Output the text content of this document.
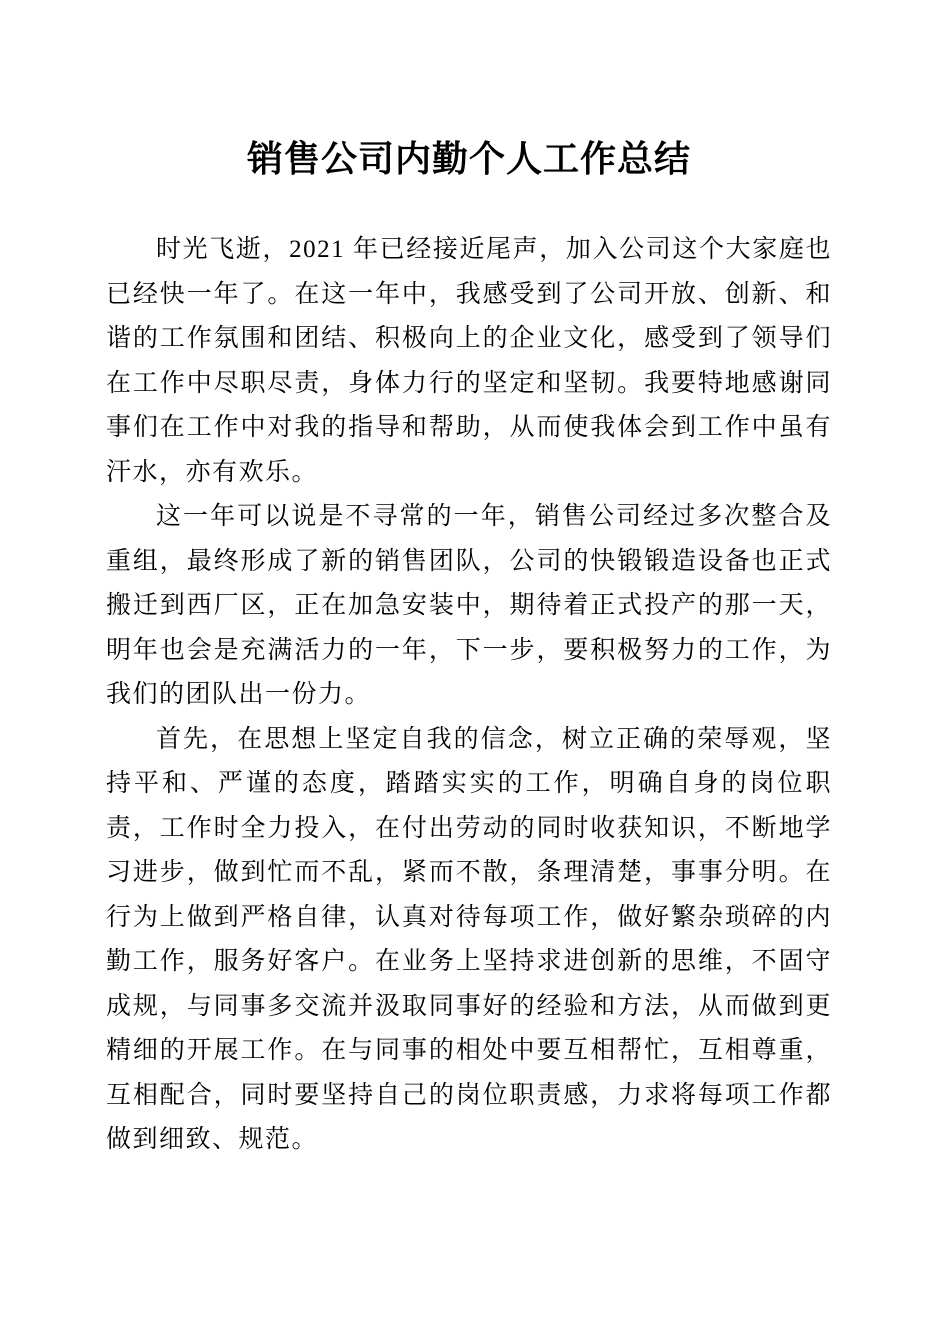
销售公司内勤个人工作总结

时光飞逝，2021 年已经接近尾声，加入公司这个大家庭也已经快一年了。在这一年中，我感受到了公司开放、创新、和谐的工作氛围和团结、积极向上的企业文化，感受到了领导们在工作中尽职尽责，身体力行的坚定和坚韧。我要特地感谢同事们在工作中对我的指导和帮助，从而使我体会到工作中虽有汗水，亦有欢乐。

这一年可以说是不寻常的一年，销售公司经过多次整合及重组，最终形成了新的销售团队，公司的快锻锻造设备也正式搬迁到西厂区，正在加急安装中，期待着正式投产的那一天，明年也会是充满活力的一年，下一步，要积极努力的工作，为我们的团队出一份力。

首先，在思想上坚定自我的信念，树立正确的荣辱观，坚持平和、严谨的态度，踏踏实实的工作，明确自身的岗位职责，工作时全力投入，在付出劳动的同时收获知识，不断地学习进步，做到忙而不乱，紧而不散，条理清楚，事事分明。在行为上做到严格自律，认真对待每项工作，做好繁杂琐碎的内勤工作，服务好客户。在业务上坚持求进创新的思维，不固守成规，与同事多交流并汲取同事好的经验和方法，从而做到更精细的开展工作。在与同事的相处中要互相帮忙，互相尊重，互相配合，同时要坚持自己的岗位职责感，力求将每项工作都做到细致、规范。
